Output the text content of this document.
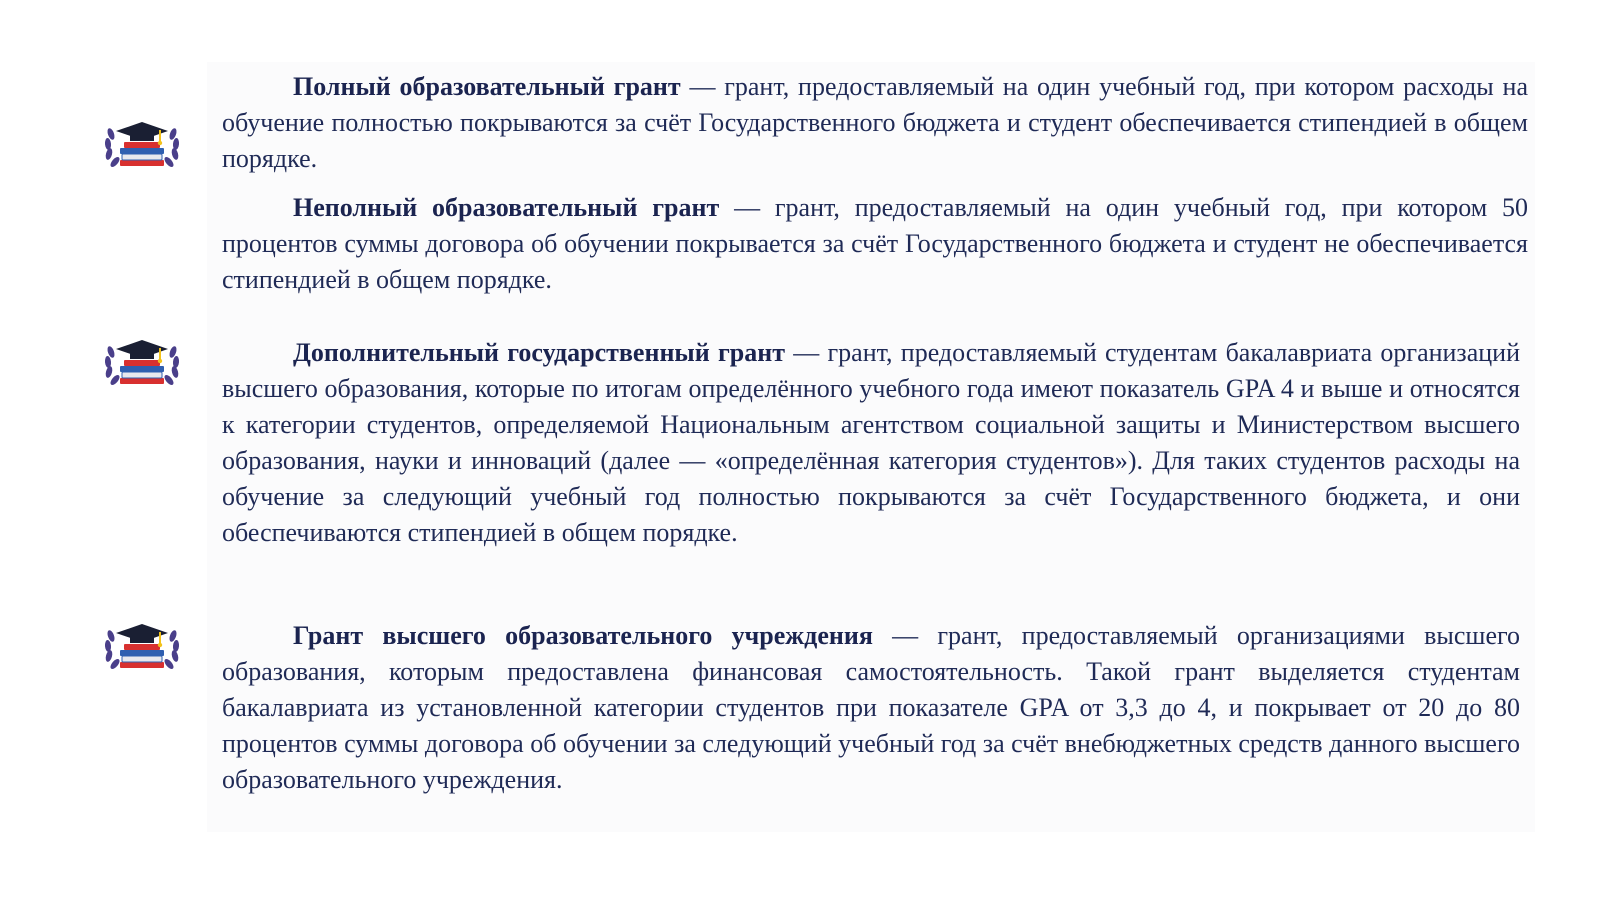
Полный образовательный грант — грант, предоставляемый на один учебный год, при котором расходы на обучение полностью покрываются за счёт Государственного бюджета и студент обеспечивается стипендией в общем порядке.

Неполный образовательный грант — грант, предоставляемый на один учебный год, при котором 50 процентов суммы договора об обучении покрывается за счёт Государственного бюджета и студент не обеспечивается стипендией в общем порядке.

Дополнительный государственный грант — грант, предоставляемый студентам бакалавриата организаций высшего образования, которые по итогам определённого учебного года имеют показатель GPA 4 и выше и относятся к категории студентов, определяемой Национальным агентством социальной защиты и Министерством высшего образования, науки и инноваций (далее — «определённая категория студентов»). Для таких студентов расходы на обучение за следующий учебный год полностью покрываются за счёт Государственного бюджета, и они обеспечиваются стипендией в общем порядке.

Грант высшего образовательного учреждения — грант, предоставляемый организациями высшего образования, которым предоставлена финансовая самостоятельность. Такой грант выделяется студентам бакалавриата из установленной категории студентов при показателе GPA от 3,3 до 4, и покрывает от 20 до 80 процентов суммы договора об обучении за следующий учебный год за счёт внебюджетных средств данного высшего образовательного учреждения.
